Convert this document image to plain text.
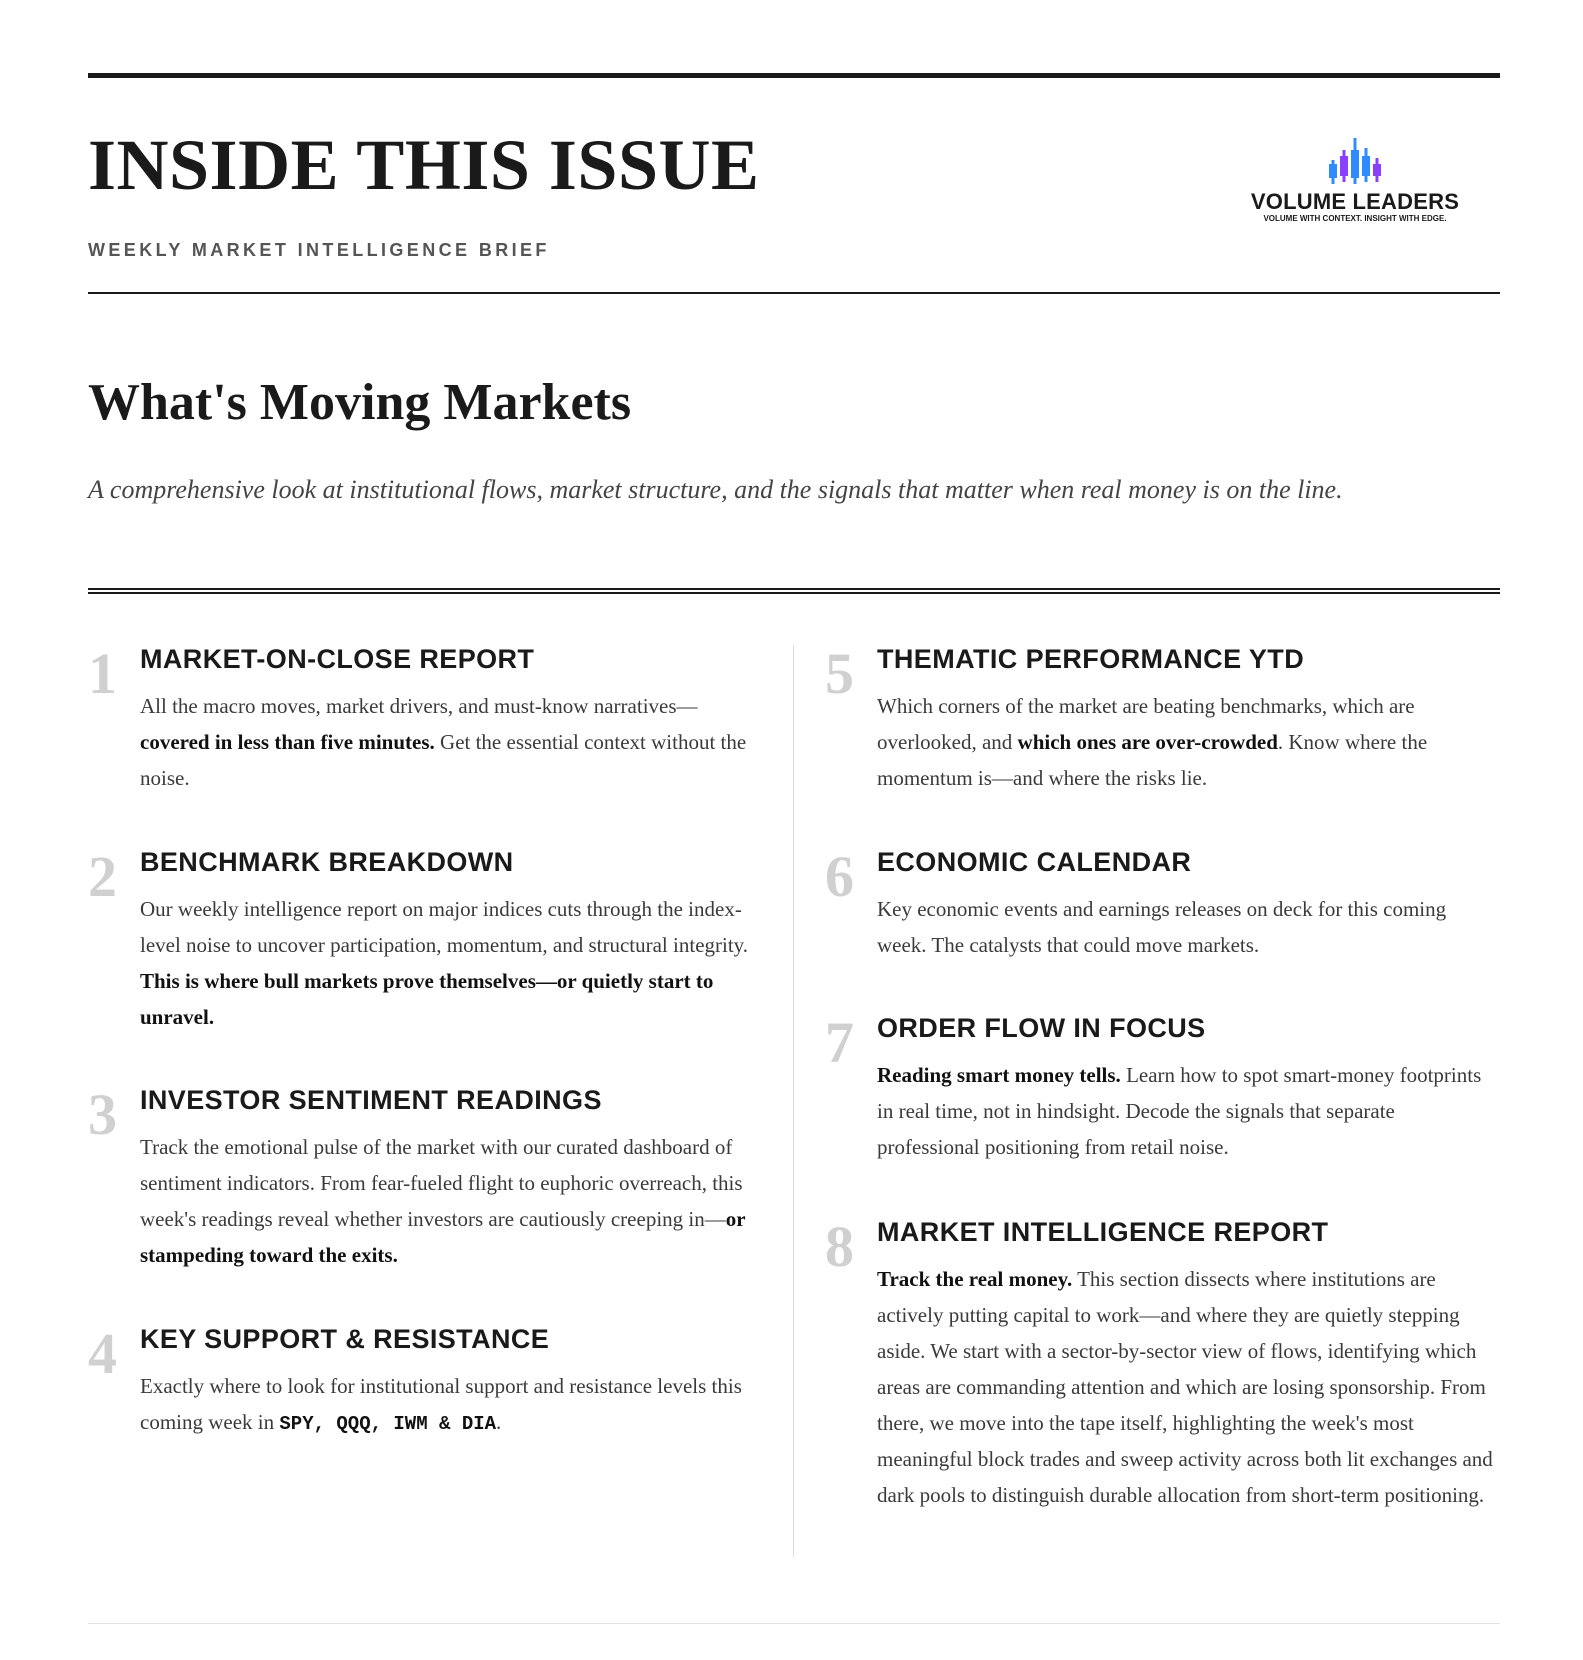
INSIDE THIS ISSUE
WEEKLY MARKET INTELLIGENCE BRIEF
VOLUME LEADERS
VOLUME WITH CONTEXT. INSIGHT WITH EDGE.
What's Moving Markets

A comprehensive look at institutional flows, market structure, and the signals that matter when real money is on the line.

1 MARKET-ON-CLOSE REPORT

All the macro moves, market drivers, and must-know narratives—covered in less than five minutes. Get the essential context without the noise.

2 BENCHMARK BREAKDOWN

Our weekly intelligence report on major indices cuts through the index-level noise to uncover participation, momentum, and structural integrity. This is where bull markets prove themselves—or quietly start to unravel.

3 INVESTOR SENTIMENT READINGS

Track the emotional pulse of the market with our curated dashboard of sentiment indicators. From fear-fueled flight to euphoric overreach, this week's readings reveal whether investors are cautiously creeping in—or stampeding toward the exits.

4 KEY SUPPORT & RESISTANCE

Exactly where to look for institutional support and resistance levels this coming week in SPY, QQQ, IWM & DIA.

5 THEMATIC PERFORMANCE YTD

Which corners of the market are beating benchmarks, which are overlooked, and which ones are over-crowded. Know where the momentum is—and where the risks lie.

6 ECONOMIC CALENDAR

Key economic events and earnings releases on deck for this coming week. The catalysts that could move markets.

7 ORDER FLOW IN FOCUS

Reading smart money tells. Learn how to spot smart-money footprints in real time, not in hindsight. Decode the signals that separate professional positioning from retail noise.

8 MARKET INTELLIGENCE REPORT

Track the real money. This section dissects where institutions are actively putting capital to work—and where they are quietly stepping aside. We start with a sector-by-sector view of flows, identifying which areas are commanding attention and which are losing sponsorship. From there, we move into the tape itself, highlighting the week's most meaningful block trades and sweep activity across both lit exchanges and dark pools to distinguish durable allocation from short-term positioning.
